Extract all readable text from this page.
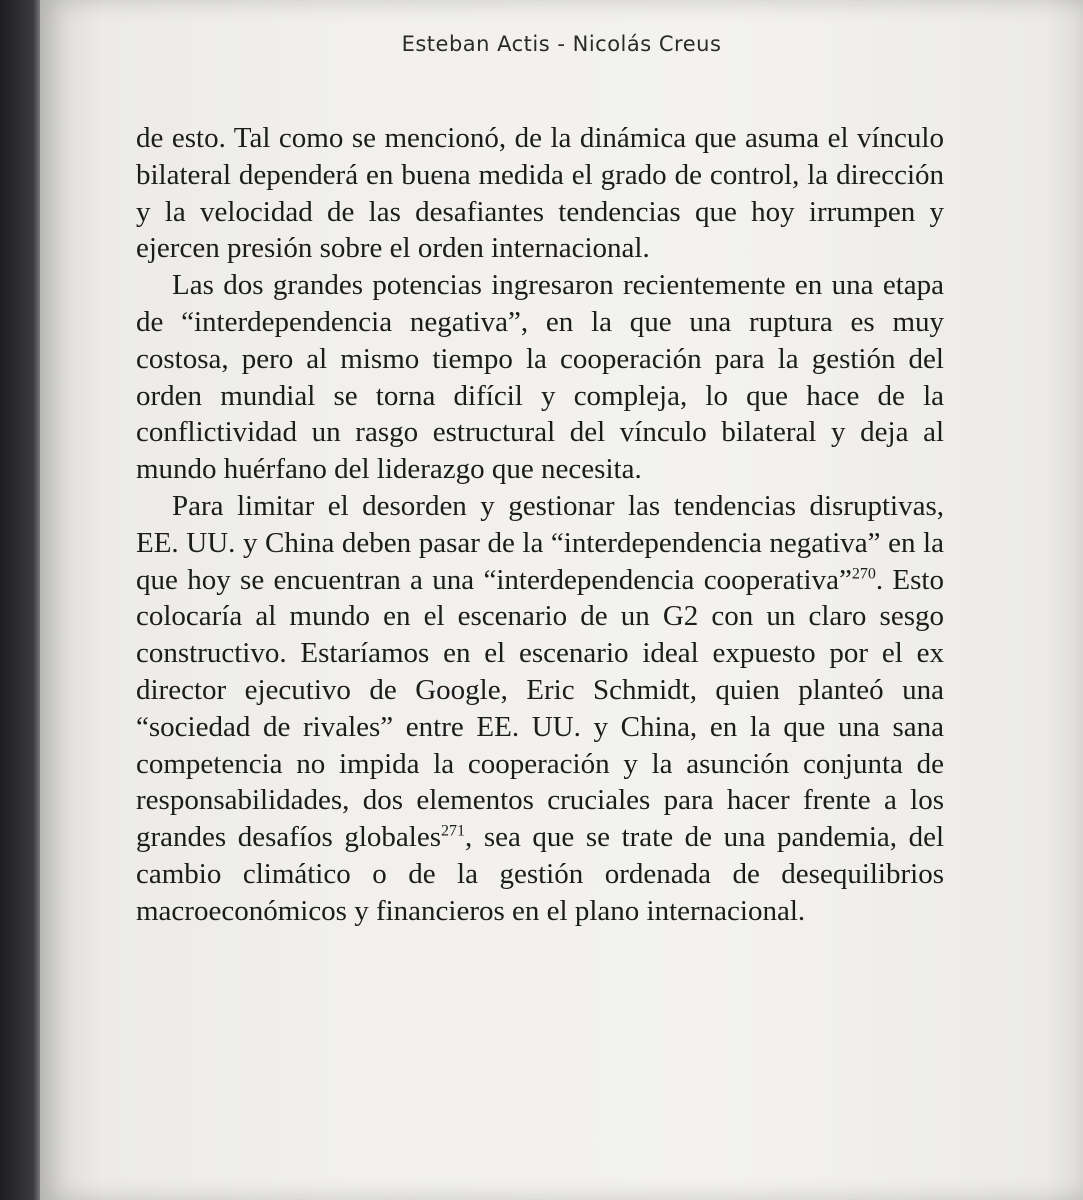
Esteban Actis - Nicolás Creus

de esto. Tal como se mencionó, de la dinámica que asuma el vínculo bilateral dependerá en buena medida el grado de control, la dirección y la velocidad de las desafiantes tendencias que hoy irrumpen y ejercen presión sobre el orden internacional.

Las dos grandes potencias ingresaron recientemente en una etapa de “interdependencia negativa”, en la que una ruptura es muy costosa, pero al mismo tiempo la cooperación para la gestión del orden mundial se torna difícil y compleja, lo que hace de la conflictividad un rasgo estructural del vínculo bilateral y deja al mundo huérfano del liderazgo que necesita.

Para limitar el desorden y gestionar las tendencias disruptivas, EE. UU. y China deben pasar de la “interdependencia negativa” en la que hoy se encuentran a una “interdependencia cooperativa”$^{270}$. Esto colocaría al mundo en el escenario de un G2 con un claro sesgo constructivo. Estaríamos en el escenario ideal expuesto por el ex director ejecutivo de Google, Eric Schmidt, quien planteó una “sociedad de rivales” entre EE. UU. y China, en la que una sana competencia no impida la cooperación y la asunción conjunta de responsabilidades, dos elementos cruciales para hacer frente a los grandes desafíos globales$^{271}$, sea que se trate de una pandemia, del cambio climático o de la gestión ordenada de desequilibrios macroeconómicos y financieros en el plano internacional.
